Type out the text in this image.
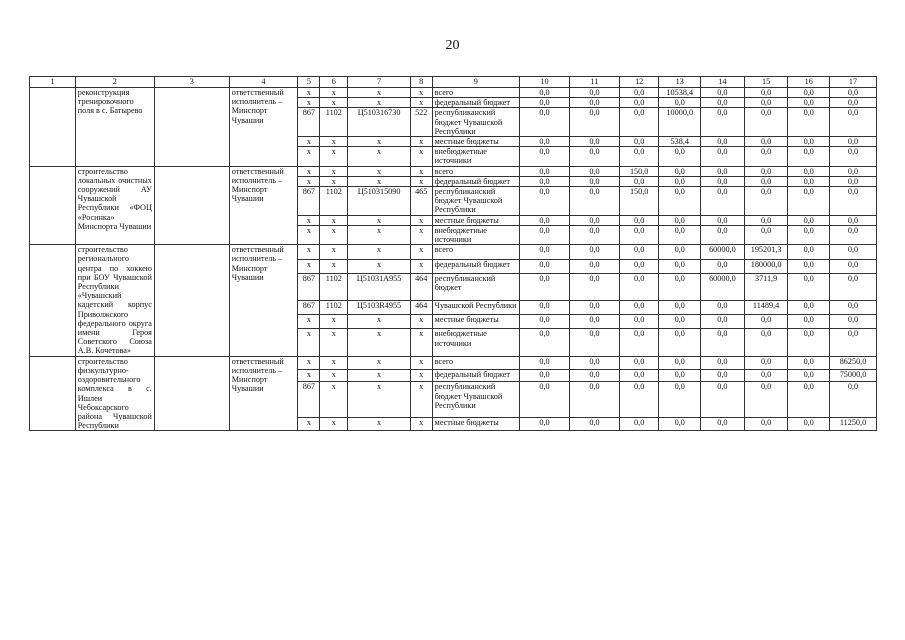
20
1	2	3	4	5	6	7	8	9	10	11	12	13	14	15	16	17
	реконструкция тренировочного поля в с. Батырево		ответственный исполнитель – Минспорт Чувашии	х	х	х	х	всего	0,0	0,0	0,0	10538,4	0,0	0,0	0,0	0,0
				х	х	х	х	федеральный бюджет	0,0	0,0	0,0	0,0	0,0	0,0	0,0	0,0
				867	1102	Ц510316730	522	республиканский бюджет Чувашской Республики	0,0	0,0	0,0	10000,0	0,0	0,0	0,0	0,0
				х	х	х	х	местные бюджеты	0,0	0,0	0,0	538,4	0,0	0,0	0,0	0,0
				х	х	х	х	внебюджетные источники	0,0	0,0	0,0	0,0	0,0	0,0	0,0	0,0
	строительство локальных очистных сооружений АУ Чувашской Республики «ФОЦ «Росинка» Минспорта Чувашии		ответственный исполнитель – Минспорт Чувашии	х	х	х	х	всего	0,0	0,0	150,0	0,0	0,0	0,0	0,0	0,0
				х	х	х	х	федеральный бюджет	0,0	0,0	0,0	0,0	0,0	0,0	0,0	0,0
				867	1102	Ц510315090	465	республиканский бюджет Чувашской Республики	0,0	0,0	150,0	0,0	0,0	0,0	0,0	0,0
				х	х	х	х	местные бюджеты	0,0	0,0	0,0	0,0	0,0	0,0	0,0	0,0
				х	х	х	х	внебюджетные источники	0,0	0,0	0,0	0,0	0,0	0,0	0,0	0,0
	строительство регионального центра по хоккею при БОУ Чувашской Республики «Чувашский кадетский корпус Приволжского федерального округа имени Героя Советского Союза А.В. Кочетова»		ответственный исполнитель – Минспорт Чувашии	х	х	х	х	всего	0,0	0,0	0,0	0,0	60000,0	195201,3	0,0	0,0
				х	х	х	х	федеральный бюджет	0,0	0,0	0,0	0,0	0,0	180000,0	0,0	0,0
				867	1102	Ц51031А955	464	республиканский бюджет	0,0	0,0	0,0	0,0	60000,0	3711,9	0,0	0,0
				867	1102	Ц5103R4955	464	Чувашской Республики	0,0	0,0	0,0	0,0	0,0	11489,4	0,0	0,0
				х	х	х	х	местные бюджеты	0,0	0,0	0,0	0,0	0,0	0,0	0,0	0,0
				х	х	х	х	внебюджетные источники	0,0	0,0	0,0	0,0	0,0	0,0	0,0	0,0
	строительство физкультурно-оздоровительного комплекса в с. Ишлеи Чебоксарского района Чувашской Республики		ответственный исполнитель – Минспорт Чувашии	х	х	х	х	всего	0,0	0,0	0,0	0,0	0,0	0,0	0,0	86250,0
				х	х	х	х	федеральный бюджет	0,0	0,0	0,0	0,0	0,0	0,0	0,0	75000,0
				867	х	х	х	республиканский бюджет Чувашской Республики	0,0	0,0	0,0	0,0	0,0	0,0	0,0	0,0
				х	х	х	х	местные бюджеты	0,0	0,0	0,0	0,0	0,0	0,0	0,0	11250,0
